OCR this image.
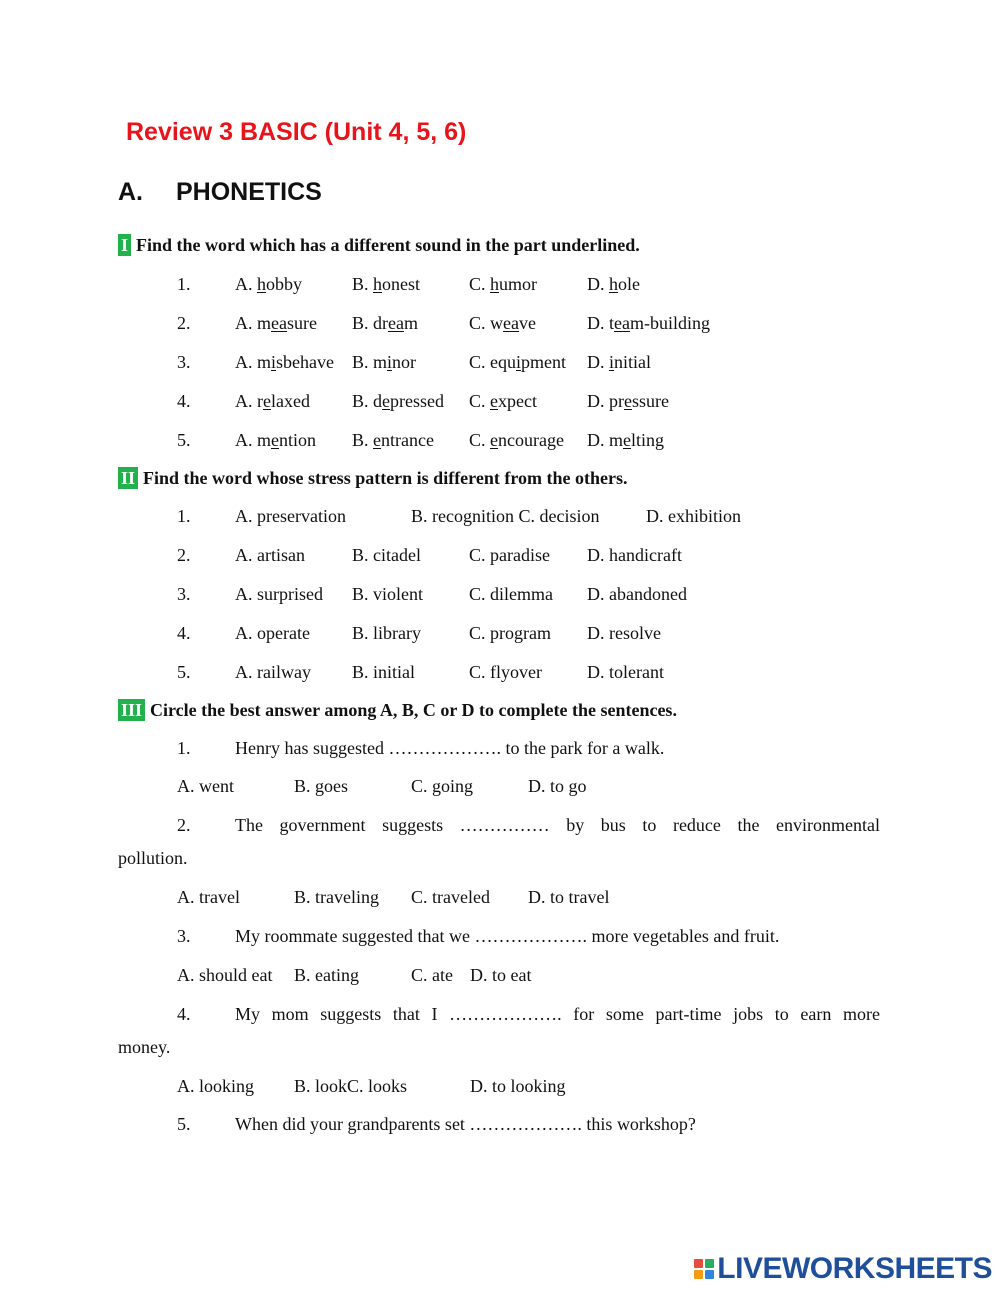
Review 3 BASIC (Unit 4, 5, 6)
A. PHONETICS
I Find the word which has a different sound in the part underlined.
1. A. hobby	B. honest	C. humor	D. hole
2. A. measure B. dream	C. weave	D. team-building
3. A. misbehave B. minor	C. equipment D. initial
4. A. relaxed B. depressed C. expect	D. pressure
5. A. mention B. entrance C. encourage D. melting
II Find the word whose stress pattern is different from the others.
1. A. preservation	B. recognition C. decision	D. exhibition
2. A. artisan	B. citadel	C. paradise D. handicraft
3. A. surprised B. violent	C. dilemma D. abandoned
4. A. operate B. library	C. program D. resolve
5. A. railway B. initial	C. flyover	D. tolerant
III Circle the best answer among A, B, C or D to complete the sentences.
1. Henry has suggested ………………. to the park for a walk.
A. went	B. goes	C. going	D. to go
2.	The government suggests …………… by bus to reduce the environmental
pollution.
A. travel	B. traveling C. traveled D. to travel
3. My roommate suggested that we ………………. more vegetables and fruit.
A. should eat B. eating	C. ate D. to eat
4.	My mom suggests that I ………………. for some part-time jobs to earn more
money.
A. looking B. lookC. looks	D. to looking
5. When did your grandparents set ………………. this workshop?
LIVEWORKSHEETS
